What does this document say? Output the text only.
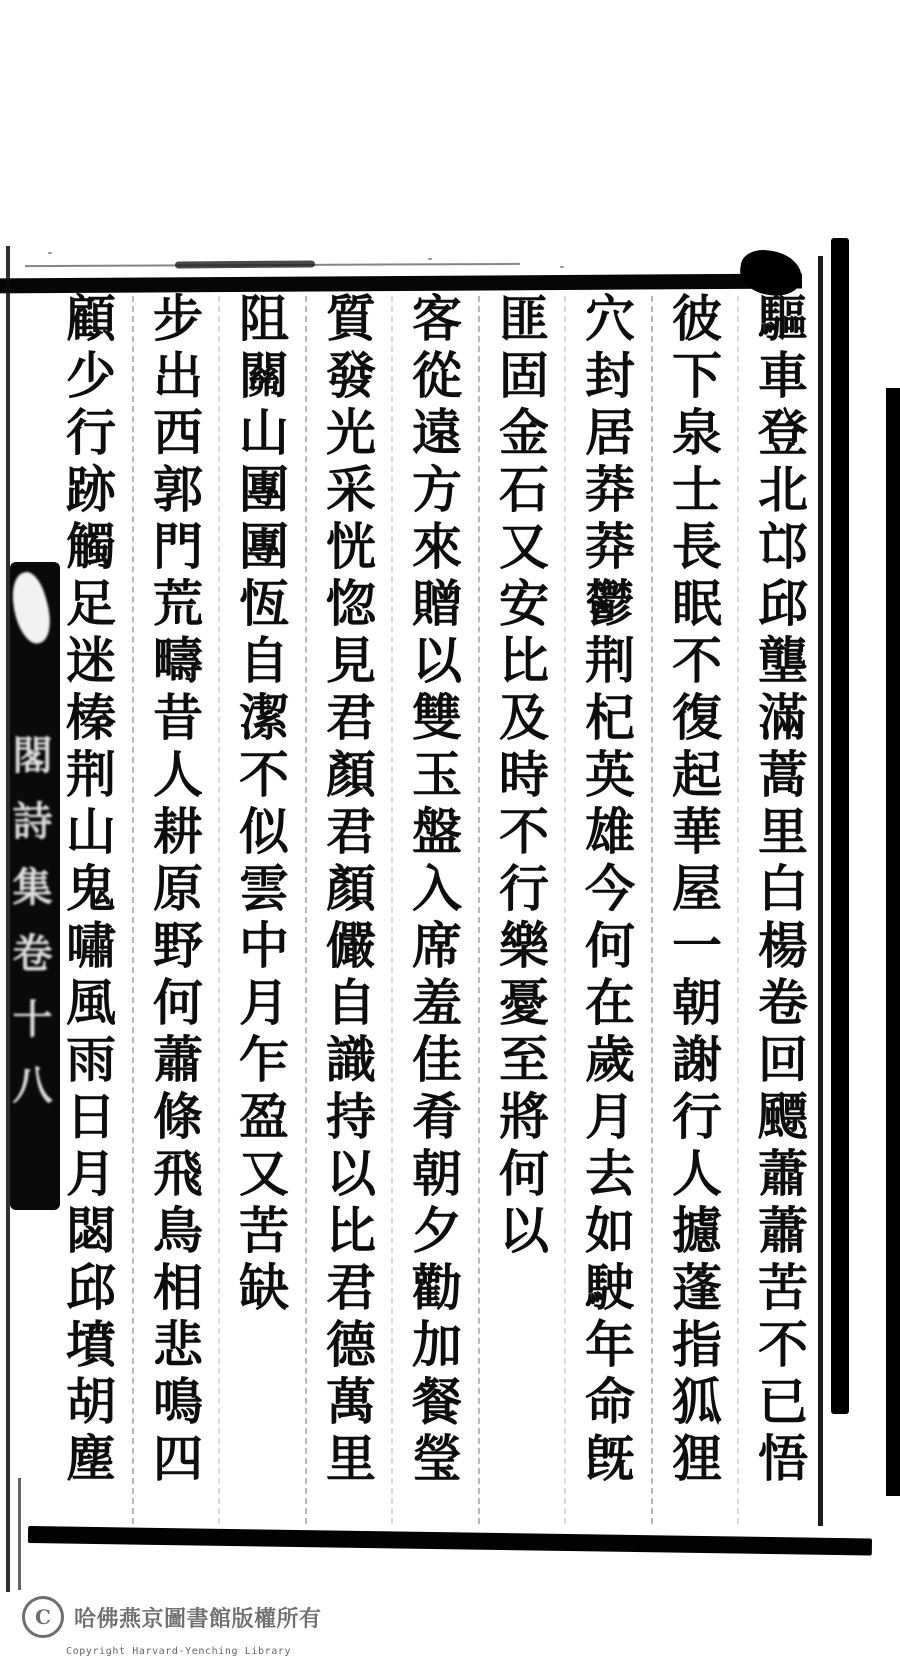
閣詩集卷十八	驅車登北邙邱壟滿蒿里白楊卷回飃蕭蕭苦不已悟
彼下泉士長眠不復起華屋一朝謝行人攄蓬指狐狸
穴封居莽莽鬱荆杞英雄今何在歲月去如駛年命旣
匪固金石又安比及時不行樂憂至將何以
客從遠方來贈以雙玉盤入席羞佳肴朝夕勸加餐瑩
質發光采恍惚見君顏君顏儼自識持以比君德萬里
阻關山團團恆自潔不似雲中月乍盈又苦缺
步出西郭門荒疇昔人耕原野何蕭條飛鳥相悲鳴四
顧少行跡觸足迷榛荆山鬼嘯風雨日月閟邱墳胡塵
C	哈佛燕京圖書館版權所有
Copyright Harvard-Yenching Library
